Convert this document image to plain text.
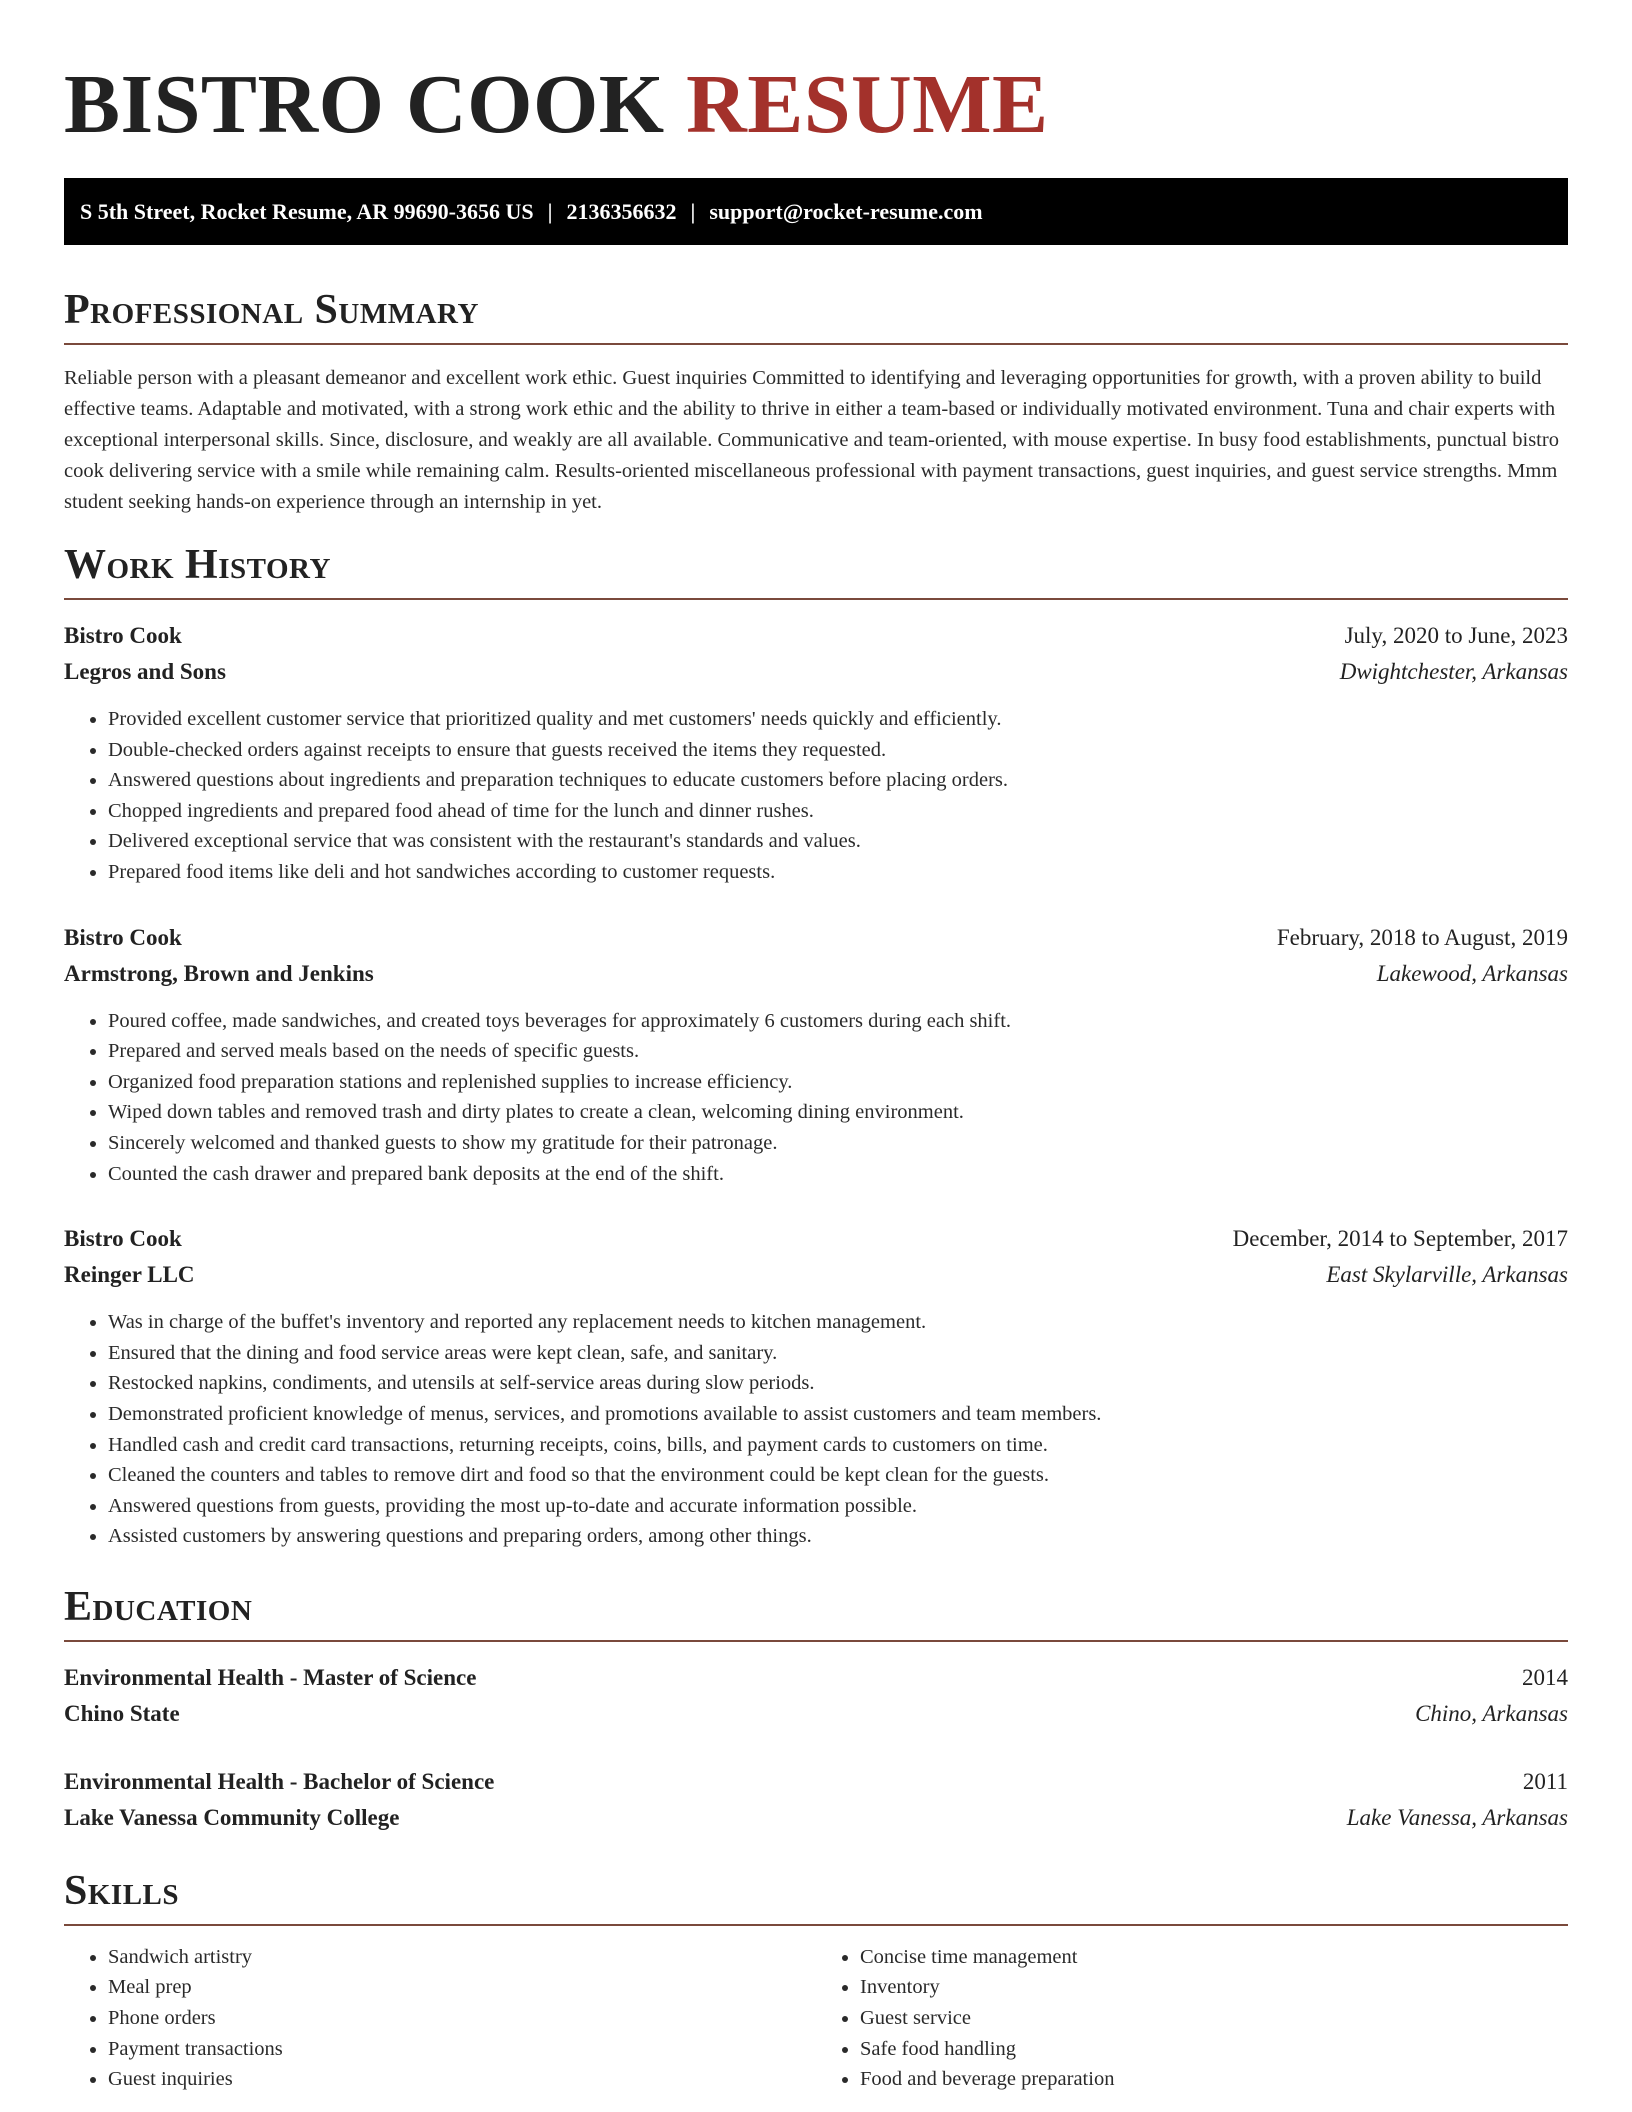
BISTRO COOK RESUME
S 5th Street, Rocket Resume, AR 99690-3656 US | 2136356632 | support@rocket-resume.com
Professional Summary

Reliable person with a pleasant demeanor and excellent work ethic. Guest inquiries Committed to identifying and leveraging opportunities for growth, with a proven ability to build effective teams. Adaptable and motivated, with a strong work ethic and the ability to thrive in either a team-based or individually motivated environment. Tuna and chair experts with exceptional interpersonal skills. Since, disclosure, and weakly are all available. Communicative and team-oriented, with mouse expertise. In busy food establishments, punctual bistro cook delivering service with a smile while remaining calm. Results-oriented miscellaneous professional with payment transactions, guest inquiries, and guest service strengths. Mmm student seeking hands-on experience through an internship in yet.

Work History
Bistro Cook	July, 2020 to June, 2023
Legros and Sons	Dwightchester, Arkansas
• Provided excellent customer service that prioritized quality and met customers' needs quickly and efficiently.
• Double-checked orders against receipts to ensure that guests received the items they requested.
• Answered questions about ingredients and preparation techniques to educate customers before placing orders.
• Chopped ingredients and prepared food ahead of time for the lunch and dinner rushes.
• Delivered exceptional service that was consistent with the restaurant's standards and values.
• Prepared food items like deli and hot sandwiches according to customer requests.
Bistro Cook	February, 2018 to August, 2019
Armstrong, Brown and Jenkins	Lakewood, Arkansas
• Poured coffee, made sandwiches, and created toys beverages for approximately 6 customers during each shift.
• Prepared and served meals based on the needs of specific guests.
• Organized food preparation stations and replenished supplies to increase efficiency.
• Wiped down tables and removed trash and dirty plates to create a clean, welcoming dining environment.
• Sincerely welcomed and thanked guests to show my gratitude for their patronage.
• Counted the cash drawer and prepared bank deposits at the end of the shift.
Bistro Cook	December, 2014 to September, 2017
Reinger LLC	East Skylarville, Arkansas
• Was in charge of the buffet's inventory and reported any replacement needs to kitchen management.
• Ensured that the dining and food service areas were kept clean, safe, and sanitary.
• Restocked napkins, condiments, and utensils at self-service areas during slow periods.
• Demonstrated proficient knowledge of menus, services, and promotions available to assist customers and team members.
• Handled cash and credit card transactions, returning receipts, coins, bills, and payment cards to customers on time.
• Cleaned the counters and tables to remove dirt and food so that the environment could be kept clean for the guests.
• Answered questions from guests, providing the most up-to-date and accurate information possible.
• Assisted customers by answering questions and preparing orders, among other things.
Education
Environmental Health - Master of Science	2014
Chino State	Chino, Arkansas
Environmental Health - Bachelor of Science	2011
Lake Vanessa Community College	Lake Vanessa, Arkansas
Skills
• Sandwich artistry
• Meal prep
• Phone orders
• Payment transactions
• Guest inquiries
• Concise time management
• Inventory
• Guest service
• Safe food handling
• Food and beverage preparation
